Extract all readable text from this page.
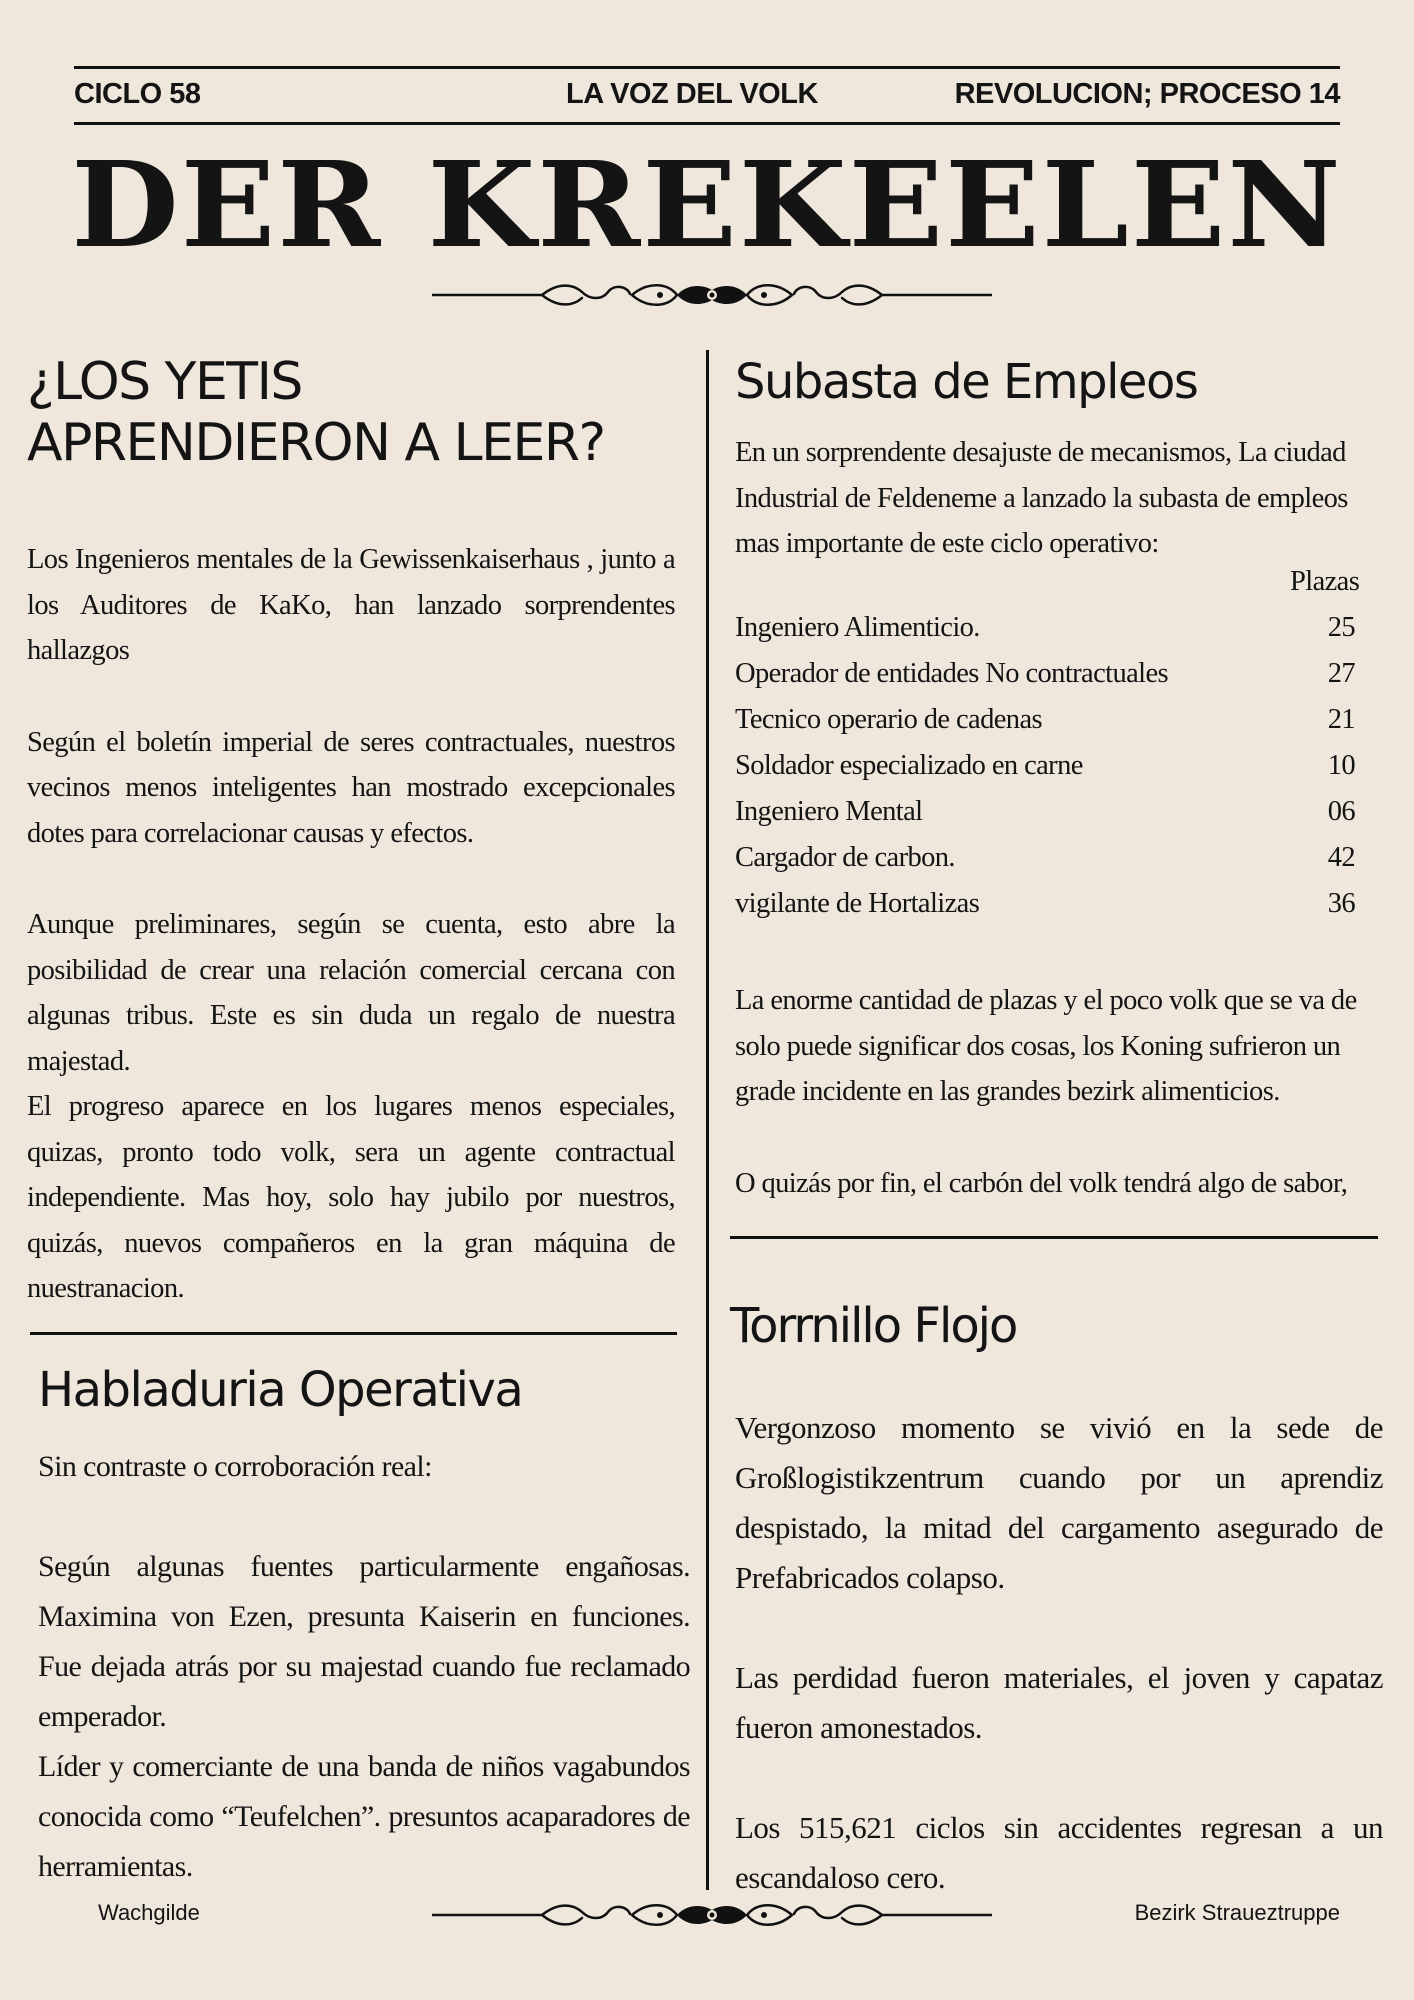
CICLO 58	LA VOZ DEL VOLK	REVOLUCION; PROCESO 14
DER KREKEELEN
¿LOS YETIS
APRENDIERON A LEER?

Los Ingenieros mentales de la Gewissenkaiserhaus , junto a los Auditores de KaKo, han lanzado sorprendentes hallazgos

Según el boletín imperial de seres contractuales, nuestros vecinos menos inteligentes han mostrado excepcionales dotes para correlacionar causas y efectos.

Aunque preliminares, según se cuenta, esto abre la posibilidad de crear una relación comercial cercana con algunas tribus. Este es sin duda un regalo de nuestra majestad.

El progreso aparece en los lugares menos especiales, quizas, pronto todo volk, sera un agente contractual independiente. Mas hoy, solo hay jubilo por nuestros, quizás, nuevos compañeros en la gran máquina de nuestranacion.

Habladuria Operativa

Sin contraste o corroboración real:

Según algunas fuentes particularmente engañosas. Maximina von Ezen, presunta Kaiserin en funciones. Fue dejada atrás por su majestad cuando fue reclamado emperador.

Líder y comerciante de una banda de niños vagabundos conocida como “Teufelchen”. presuntos acaparadores de herramientas.

Subasta de Empleos

En un sorprendente desajuste de mecanismos, La ciudad Industrial de Feldeneme a lanzado la subasta de empleos mas importante de este ciclo operativo:

Plazas
Ingeniero Alimenticio.	25
Operador de entidades No contractuales	27
Tecnico operario de cadenas	21
Soldador especializado en carne	10
Ingeniero Mental	06
Cargador de carbon.	42
vigilante de Hortalizas	36

La enorme cantidad de plazas y el poco volk que se va de solo puede significar dos cosas, los Koning sufrieron un grade incidente en las grandes bezirk alimenticios.

O quizás por fin, el carbón del volk tendrá algo de sabor,

Torrnillo Flojo

Vergonzoso momento se vivió en la sede de Großlogistikzentrum cuando por un aprendiz despistado, la mitad del cargamento asegurado de Prefabricados colapso.

Las perdidad fueron materiales, el joven y capataz fueron amonestados.

Los 515,621 ciclos sin accidentes regresan a un escandaloso cero.

Wachgilde	Bezirk Straueztruppe
